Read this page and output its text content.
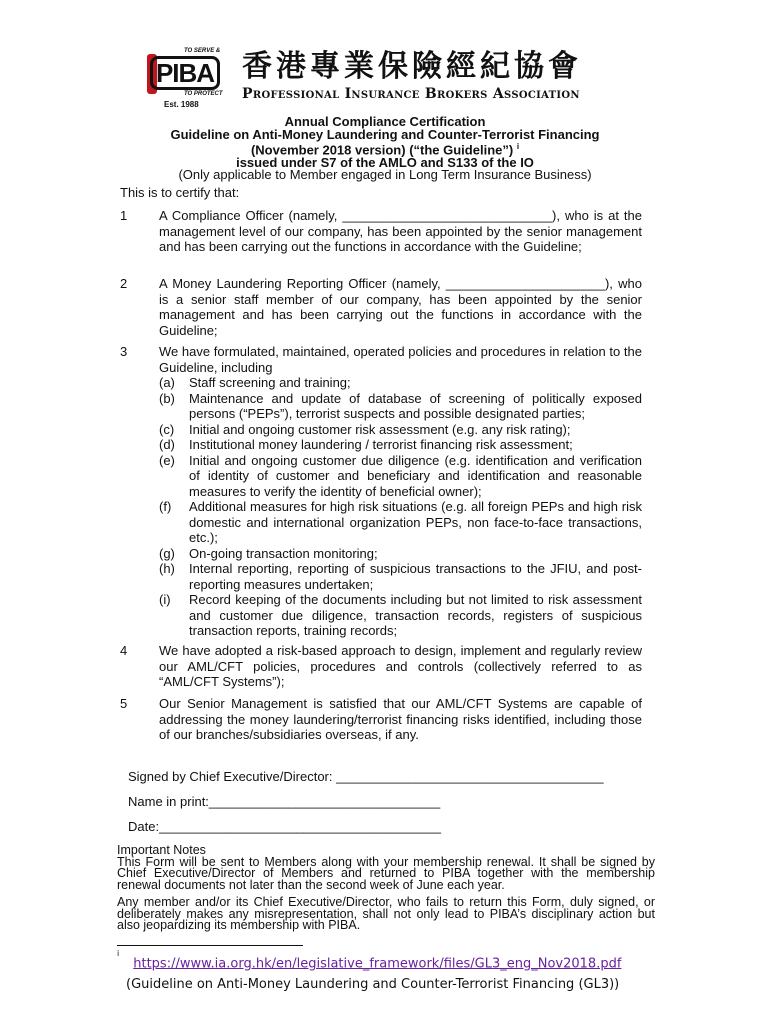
TO SERVE &
PIBA
TO PROTECT
Est. 1988
香港專業保險經紀協會
Professional Insurance Brokers Association
Annual Compliance Certification
Guideline on Anti-Money Laundering and Counter-Terrorist Financing
(November 2018 version) (“the Guideline”) $^i$
issued under S7 of the AMLO and S133 of the IO
(Only applicable to Member engaged in Long Term Insurance Business)
This is to certify that:
1 A Compliance Officer (namely, _____________________________), who is at the management level of our company, has been appointed by the senior management and has been carrying out the functions in accordance with the Guideline;
2 A Money Laundering Reporting Officer (namely, ______________________), who is a senior staff member of our company, has been appointed by the senior management and has been carrying out the functions in accordance with the Guideline;
3 We have formulated, maintained, operated policies and procedures in relation to the Guideline, including
(a)	Staff screening and training;
(b)	Maintenance and update of database of screening of politically exposed persons (“PEPs”), terrorist suspects and possible designated parties;
(c)	Initial and ongoing customer risk assessment (e.g. any risk rating);
(d)	Institutional money laundering / terrorist financing risk assessment;
(e)	Initial and ongoing customer due diligence (e.g. identification and verification of identity of customer and beneficiary and identification and reasonable measures to verify the identity of beneficial owner);
(f)	Additional measures for high risk situations (e.g. all foreign PEPs and high risk domestic and international organization PEPs, non face-to-face transactions, etc.);
(g)	On-going transaction monitoring;
(h)	Internal reporting, reporting of suspicious transactions to the JFIU, and post-reporting measures undertaken;
(i)	Record keeping of the documents including but not limited to risk assessment and customer due diligence, transaction records, registers of suspicious transaction reports, training records;
4 We have adopted a risk-based approach to design, implement and regularly review our AML/CFT policies, procedures and controls (collectively referred to as “AML/CFT Systems”);
5 Our Senior Management is satisfied that our AML/CFT Systems are capable of addressing the money laundering/terrorist financing risks identified, including those of our branches/subsidiaries overseas, if any.
Signed by Chief Executive/Director: _____________________________________
Name in print:________________________________
Date:_______________________________________
Important Notes
This Form will be sent to Members along with your membership renewal. It shall be signed by Chief Executive/Director of Members and returned to PIBA together with the membership renewal documents not later than the second week of June each year.
Any member and/or its Chief Executive/Director, who fails to return this Form, duly signed, or deliberately makes any misrepresentation, shall not only lead to PIBA’s disciplinary action but also jeopardizing its membership with PIBA.
$^i$https://www.ia.org.hk/en/legislative_framework/files/GL3_eng_Nov2018.pdf
(Guideline on Anti-Money Laundering and Counter-Terrorist Financing (GL3))
